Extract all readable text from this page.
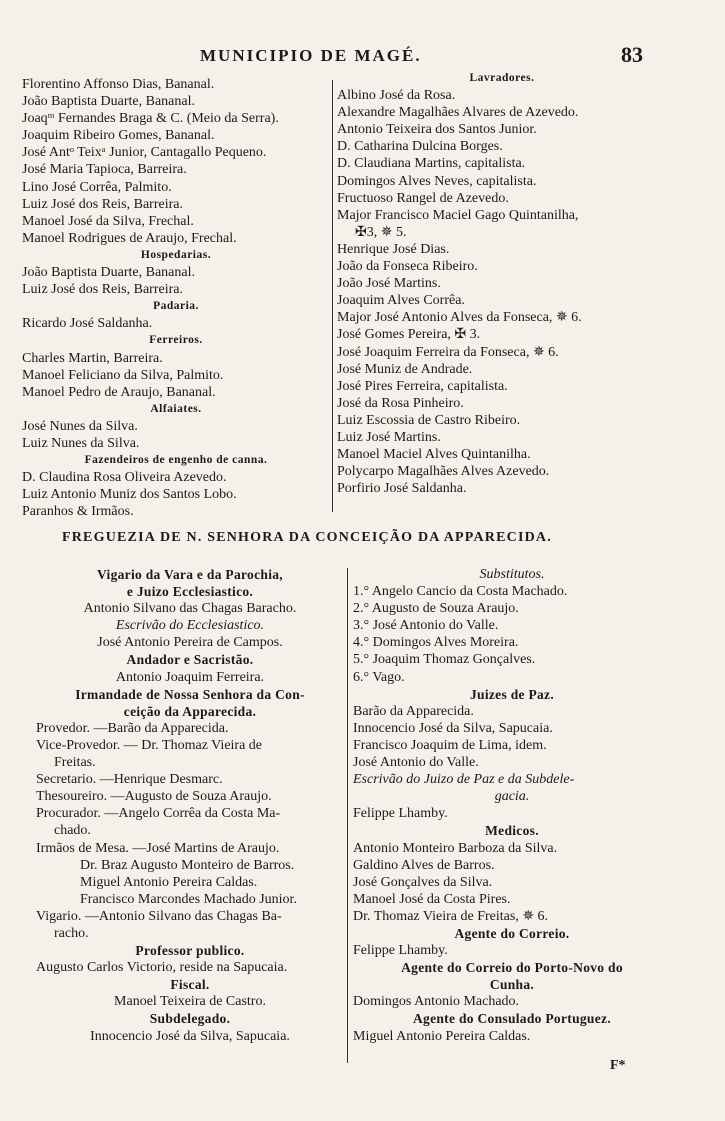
MUNICIPIO DE MAGÉ.	83
Florentino Affonso Dias, Bananal.
João Baptista Duarte, Bananal.
Joaqᵐ Fernandes Braga & C. (Meio da Serra).
Joaquim Ribeiro Gomes, Bananal.
José Antᵒ Teixᵃ Junior, Cantagallo Pequeno.
José Maria Tapioca, Barreira.
Lino José Corrêa, Palmito.
Luiz José dos Reis, Barreira.
Manoel José da Silva, Frechal.
Manoel Rodrigues de Araujo, Frechal.
Hospedarias.
João Baptista Duarte, Bananal.
Luiz José dos Reis, Barreira.
Padaria.
Ricardo José Saldanha.
Ferreiros.
Charles Martin, Barreira.
Manoel Feliciano da Silva, Palmito.
Manoel Pedro de Araujo, Bananal.
Alfaiates.
José Nunes da Silva.
Luiz Nunes da Silva.
Fazendeiros de engenho de canna.
D. Claudina Rosa Oliveira Azevedo.
Luiz Antonio Muniz dos Santos Lobo.
Paranhos & Irmãos.
Lavradores.
Albino José da Rosa.
Alexandre Magalhães Alvares de Azevedo.
Antonio Teixeira dos Santos Junior.
D. Catharina Dulcina Borges.
D. Claudiana Martins, capitalista.
Domingos Alves Neves, capitalista.
Fructuoso Rangel de Azevedo.
Major Francisco Maciel Gago Quintanilha,
✠3, ✵ 5.
Henrique José Dias.
João da Fonseca Ribeiro.
João José Martins.
Joaquim Alves Corrêa.
Major José Antonio Alves da Fonseca, ✵ 6.
José Gomes Pereira, ✠ 3.
José Joaquim Ferreira da Fonseca, ✵ 6.
José Muniz de Andrade.
José Pires Ferreira, capitalista.
José da Rosa Pinheiro.
Luiz Escossia de Castro Ribeiro.
Luiz José Martins.
Manoel Maciel Alves Quintanilha.
Polycarpo Magalhães Alves Azevedo.
Porfirio José Saldanha.
FREGUEZIA DE N. SENHORA DA CONCEIÇÃO DA APPARECIDA.
Vigario da Vara e da Parochia,
e Juizo Ecclesiastico.
Antonio Silvano das Chagas Baracho.
Escrivão do Ecclesiastico.
José Antonio Pereira de Campos.
Andador e Sacristão.
Antonio Joaquim Ferreira.
Irmandade de Nossa Senhora da Con-
ceição da Apparecida.
Provedor. —Barão da Apparecida.
Vice-Provedor. — Dr. Thomaz Vieira de
Freitas.
Secretario. —Henrique Desmarc.
Thesoureiro. —Augusto de Souza Araujo.
Procurador. —Angelo Corrêa da Costa Ma-
chado.
Irmãos de Mesa. —José Martins de Araujo.
Dr. Braz Augusto Monteiro de Barros.
Miguel Antonio Pereira Caldas.
Francisco Marcondes Machado Junior.
Vigario. —Antonio Silvano das Chagas Ba-
racho.
Professor publico.
Augusto Carlos Victorio, reside na Sapucaia.
Fiscal.
Manoel Teixeira de Castro.
Subdelegado.
Innocencio José da Silva, Sapucaia.
Substitutos.
1.° Angelo Cancio da Costa Machado.
2.° Augusto de Souza Araujo.
3.° José Antonio do Valle.
4.° Domingos Alves Moreira.
5.° Joaquim Thomaz Gonçalves.
6.° Vago.
Juizes de Paz.
Barão da Apparecida.
Innocencio José da Silva, Sapucaia.
Francisco Joaquim de Lima, idem.
José Antonio do Valle.
Escrivão do Juizo de Paz e da Subdele-
gacia.
Felippe Lhamby.
Medicos.
Antonio Monteiro Barboza da Silva.
Galdino Alves de Barros.
José Gonçalves da Silva.
Manoel José da Costa Pires.
Dr. Thomaz Vieira de Freitas, ✵ 6.
Agente do Correio.
Felippe Lhamby.
Agente do Correio do Porto-Novo do
Cunha.
Domingos Antonio Machado.
Agente do Consulado Portuguez.
Miguel Antonio Pereira Caldas.
F*
